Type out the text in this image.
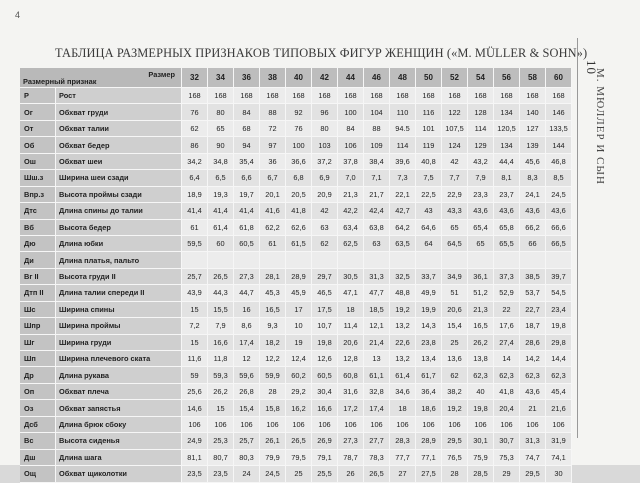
4
ТАБЛИЦА РАЗМЕРНЫХ ПРИЗНАКОВ ТИПОВЫХ ФИГУР ЖЕНЩИН («M. MÜLLER & SOHN»)
10
М. МЮЛЛЕР И СЫН
Размер
Размерный признак		32	34	36	38	40	42	44	46	48	50	52	54	56	58	60
Р	Рост	168	168	168	168	168	168	168	168	168	168	168	168	168	168	168
Ог	Обхват груди	76	80	84	88	92	96	100	104	110	116	122	128	134	140	146
От	Обхват талии	62	65	68	72	76	80	84	88	94.5	101	107,5	114	120,5	127	133,5
Об	Обхват бедер	86	90	94	97	100	103	106	109	114	119	124	129	134	139	144
Ош	Обхват шеи	34,2	34,8	35,4	36	36,6	37,2	37,8	38,4	39,6	40,8	42	43,2	44,4	45,6	46,8
Шш.з	Ширина шеи сзади	6,4	6,5	6,6	6,7	6,8	6,9	7,0	7,1	7,3	7,5	7,7	7,9	8,1	8,3	8,5
Впр.з	Высота проймы сзади	18,9	19,3	19,7	20,1	20,5	20,9	21,3	21,7	22,1	22,5	22,9	23,3	23,7	24,1	24,5
Дтс	Длина спины до талии	41,4	41,4	41,4	41,6	41,8	42	42,2	42,4	42,7	43	43,3	43,6	43,6	43,6	43,6
Вб	Высота бедер	61	61,4	61,8	62,2	62,6	63	63,4	63,8	64,2	64,6	65	65,4	65,8	66,2	66,6
Дю	Длина юбки	59,5	60	60,5	61	61,5	62	62,5	63	63,5	64	64,5	65	65,5	66	66,5
Ди	Длина платья, пальто															
Вг II	Высота груди II	25,7	26,5	27,3	28,1	28,9	29,7	30,5	31,3	32,5	33,7	34,9	36,1	37,3	38,5	39,7
Дтп II	Длина талии спереди II	43,9	44,3	44,7	45,3	45,9	46,5	47,1	47,7	48,8	49,9	51	51,2	52,9	53,7	54,5
Шс	Ширина спины	15	15,5	16	16,5	17	17,5	18	18,5	19,2	19,9	20,6	21,3	22	22,7	23,4
Шпр	Ширина проймы	7,2	7,9	8,6	9,3	10	10,7	11,4	12,1	13,2	14,3	15,4	16,5	17,6	18,7	19,8
Шг	Ширина груди	15	16,6	17,4	18,2	19	19,8	20,6	21,4	22,6	23,8	25	26,2	27,4	28,6	29,8
Шп	Ширина плечевого ската	11,6	11,8	12	12,2	12,4	12,6	12,8	13	13,2	13,4	13,6	13,8	14	14,2	14,4
Др	Длина рукава	59	59,3	59,6	59,9	60,2	60,5	60,8	61,1	61,4	61,7	62	62,3	62,3	62,3	62,3
Оп	Обхват плеча	25,6	26,2	26,8	28	29,2	30,4	31,6	32,8	34,6	36,4	38,2	40	41,8	43,6	45,4
Оз	Обхват запястья	14,6	15	15,4	15,8	16,2	16,6	17,2	17,4	18	18,6	19,2	19,8	20,4	21	21,6
Дсб	Длина брюк сбоку	106	106	106	106	106	106	106	106	106	106	106	106	106	106	106
Вс	Высота сиденья	24,9	25,3	25,7	26,1	26,5	26,9	27,3	27,7	28,3	28,9	29,5	30,1	30,7	31,3	31,9
Дш	Длина шага	81,1	80,7	80,3	79,9	79,5	79,1	78,7	78,3	77,7	77,1	76,5	75,9	75,3	74,7	74,1
Ощ	Обхват щиколотки	23,5	23,5	24	24,5	25	25,5	26	26,5	27	27,5	28	28,5	29	29,5	30
